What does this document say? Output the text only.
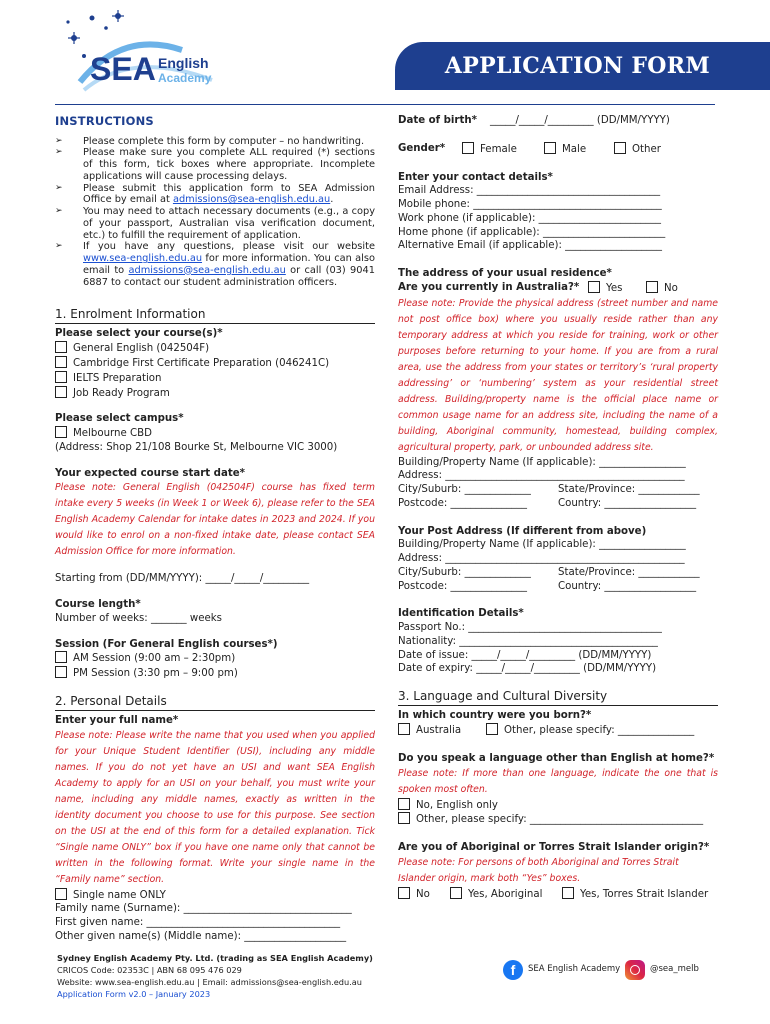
SEA English
Academy	APPLICATION FORM
INSTRUCTIONS
➢ Please complete this form by computer – no handwriting.
➢ Please make sure you complete ALL required (*) sections of this form, tick boxes where appropriate. Incomplete applications will cause processing delays.
➢ Please submit this application form to SEA Admission Office by email at admissions@sea-english.edu.au.
➢ You may need to attach necessary documents (e.g., a copy of your passport, Australian visa verification document, etc.) to fulfill the requirement of application.
➢ If you have any questions, please visit our website www.sea-english.edu.au for more information. You can also email to admissions@sea-english.edu.au or call (03) 9041 6887 to contact our student administration officers.
1. Enrolment Information
Please select your course(s)*
General English (042504F)
Cambridge First Certificate Preparation (046241C)
IELTS Preparation
Job Ready Program
Please select campus*
Melbourne CBD
(Address: Shop 21/108 Bourke St, Melbourne VIC 3000)
Your expected course start date*
Please note: General English (042504F) course has fixed term intake every 5 weeks (in Week 1 or Week 6), please refer to the SEA English Academy Calendar for intake dates in 2023 and 2024. If you would like to enrol on a non-fixed intake date, please contact SEA Admission Office for more information.
Starting from (DD/MM/YYYY): _____/_____/_________
Course length*
Number of weeks: _______ weeks
Session (For General English courses*)
AM Session (9:00 am – 2:30pm)
PM Session (3:30 pm – 9:00 pm)
2. Personal Details
Enter your full name*
Please note: Please write the name that you used when you applied for your Unique Student Identifier (USI), including any middle names. If you do not yet have an USI and want SEA English Academy to apply for an USI on your behalf, you must write your name, including any middle names, exactly as written in the identity document you choose to use for this purpose. See section on the USI at the end of this form for a detailed explanation. Tick “Single name ONLY” box if you have one name only that cannot be written in the following format. Write your single name in the “Family name” section.
Single name ONLY
Family name (Surname): _________________________________
First given name: ______________________________________
Other given name(s) (Middle name): ____________________
Date of birth*	_____/_____/_________ (DD/MM/YYYY)
Gender*	Female	Male	Other
Enter your contact details*
Email Address: ____________________________________
Mobile phone: _____________________________________
Work phone (if applicable): ________________________
Home phone (if applicable): ________________________
Alternative Email (if applicable): ___________________
The address of your usual residence*
Are you currently in Australia?*	Yes	No
Please note: Provide the physical address (street number and name not post office box) where you usually reside rather than any temporary address at which you reside for training, work or other purposes before returning to your home. If you are from a rural area, use the address from your states or territory’s ‘rural property addressing’ or ‘numbering’ system as your residential street address. Building/property name is the official place name or common usage name for an address site, including the name of a building, Aboriginal community, homestead, building complex, agricultural property, park, or unbounded address site.
Building/Property Name (If applicable): _________________
Address: _______________________________________________
City/Suburb: _____________	State/Province: ____________
Postcode: _______________	Country: __________________
Your Post Address (If different from above)
Building/Property Name (If applicable): _________________
Address: _______________________________________________
City/Suburb: _____________	State/Province: ____________
Postcode: _______________	Country: __________________
Identification Details*
Passport No.: ______________________________________
Nationality: _______________________________________
Date of issue: _____/_____/_________ (DD/MM/YYYY)
Date of expiry: _____/_____/_________ (DD/MM/YYYY)
3. Language and Cultural Diversity
In which country were you born?*
Australia	Other, please specify: _______________
Do you speak a language other than English at home?*
Please note: If more than one language, indicate the one that is spoken most often.
No, English only
Other, please specify: __________________________________
Are you of Aboriginal or Torres Strait Islander origin?*
Please note: For persons of both Aboriginal and Torres Strait Islander origin, mark both “Yes” boxes.
No	Yes, Aboriginal	Yes, Torres Strait Islander
Sydney English Academy Pty. Ltd. (trading as SEA English Academy)
CRICOS Code: 02353C | ABN 68 095 476 029
Website: www.sea-english.edu.au | Email: admissions@sea-english.edu.au
Application Form v2.0 – January 2023
f	SEA English Academy	@sea_melb
